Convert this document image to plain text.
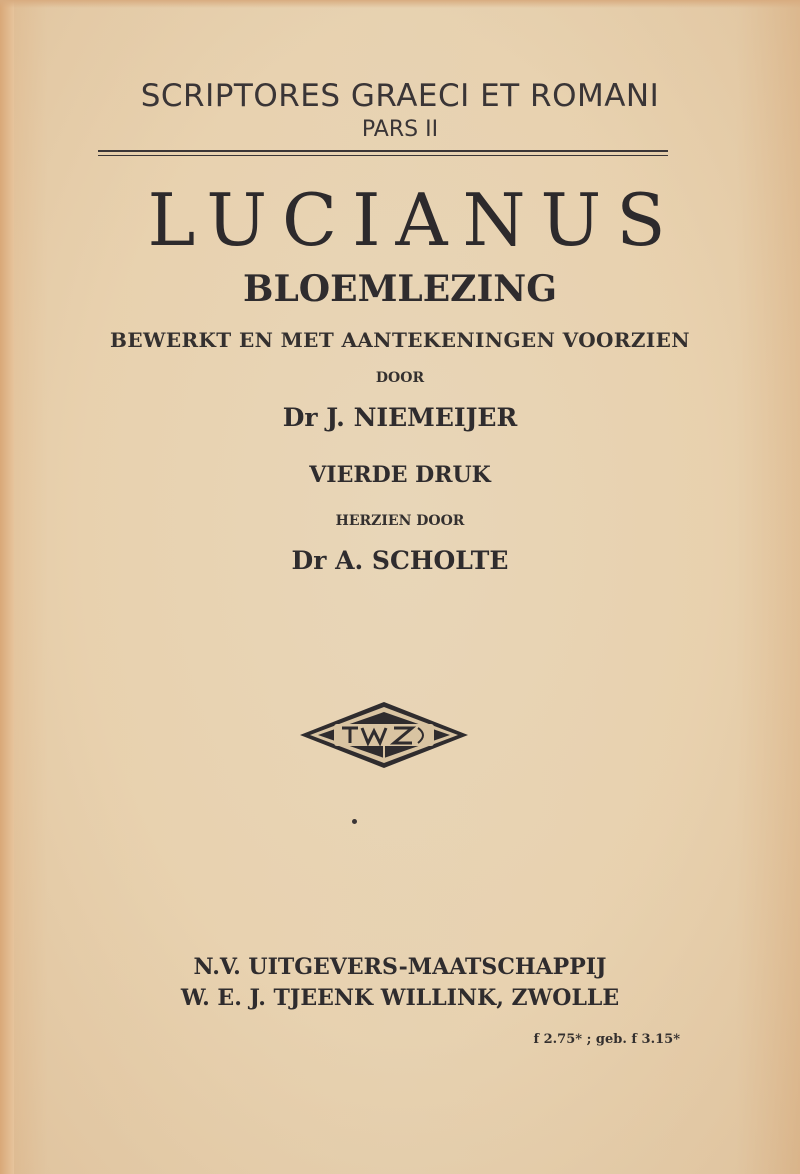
SCRIPTORES GRAECI ET ROMANI
PARS II
LUCIANUS
BLOEMLEZING
BEWERKT EN MET AANTEKENINGEN VOORZIEN
DOOR
Dr J. NIEMEIJER
VIERDE DRUK
HERZIEN DOOR
Dr A. SCHOLTE
N.V. UITGEVERS-MAATSCHAPPIJ
W. E. J. TJEENK WILLINK, ZWOLLE
f 2.75* ; geb. f 3.15*
